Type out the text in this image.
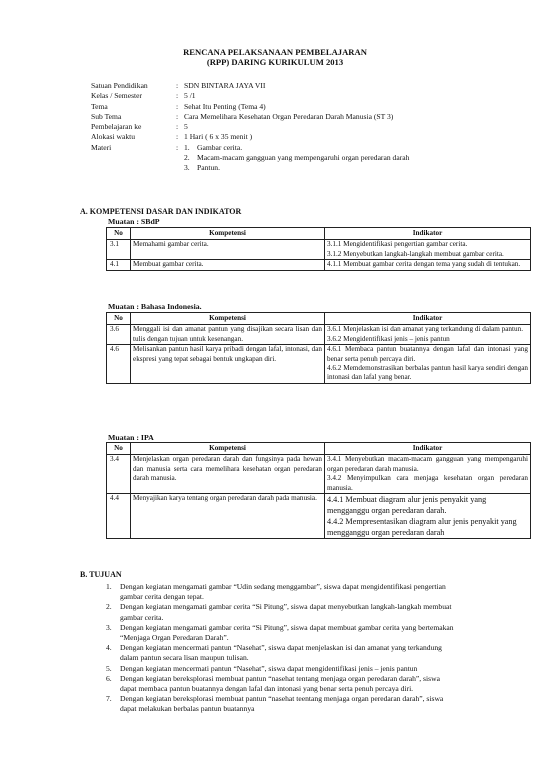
RENCANA PELAKSANAAN PEMBELAJARAN
(RPP) DARING KURIKULUM 2013
Satuan Pendidikan	: SDN BINTARA JAYA VII
Kelas / Semester	: 5 /1
Tema	: Sehat Itu Penting (Tema 4)
Sub Tema	: Cara Memelihara Kesehatan Organ Peredaran Darah Manusia (ST 3)
Pembelajaran ke	: 5
Alokasi waktu	: 1 Hari ( 6 x 35 menit )
Materi	: 1. Gambar cerita.
2. Macam-macam gangguan yang mempengaruhi organ peredaran darah
3. Pantun.
A. KOMPETENSI DASAR DAN INDIKATOR
Muatan : SBdP
No	Kompetensi	Indikator
3.1	Memahami gambar cerita.	3.1.1 Mengidentifikasi pengertian gambar cerita.
3.1.2 Menyebutkan langkah-langkah membuat gambar cerita.

4.1	Membuat gambar cerita.	4.1.1 Membuat gambar cerita dengan tema yang sudah di tentukan.
Muatan : Bahasa Indonesia.
No	Kompetensi	Indikator
3.6	Menggali isi dan amanat pantun yang disajikan secara lisan dan tulis dengan tujuan untuk kesenangan.	3.6.1 Menjelaskan isi dan amanat yang terkandung di dalam pantun.
3.6.2 Mengidentifikasi jenis – jenis pantun

4.6	Melisankan pantun hasil karya pribadi dengan lafal, intonasi, dan ekspresi yang tepat sebagai bentuk ungkapan diri.	4.6.1 Membaca pantun buatannya dengan lafal dan intonasi yang benar serta penuh percaya diri.
4.6.2 Memdemonstrasikan berbalas pantun hasil karya sendiri dengan intonasi dan lafal yang benar.
Muatan : IPA
No	Kompetensi	Indikator
3.4	Menjelaskan organ peredaran darah dan fungsinya pada hewan dan manusia serta cara memelihara kesehatan organ peredaran darah manusia.	3.4.1 Menyebutkan macam-macam gangguan yang mempengaruhi organ peredaran darah manusia.
3.4.2 Menyimpulkan cara menjaga kesehatan organ peredaran manusia.

4.4	Menyajikan karya tentang organ peredaran darah pada manusia.	4.4.1 Membuat diagram alur jenis penyakit yang mengganggu organ peredaran darah.
4.4.2 Mempresentasikan diagram alur jenis penyakit yang mengganggu organ peredaran darah
B. TUJUAN
1.	Dengan kegiatan mengamati gambar “Udin sedang menggambar”, siswa dapat mengidentifikasi pengertian gambar cerita dengan tepat.
2.	Dengan kegiatan mengamati gambar cerita “Si Pitung”, siswa dapat menyebutkan langkah-langkah membuat gambar cerita.
3.	Dengan kegiatan mengamati gambar cerita “Si Pitung”, siswa dapat membuat gambar cerita yang bertemakan “Menjaga Organ Peredaran Darah”.
4.	Dengan kegiatan mencermati pantun “Nasehat”, siswa dapat menjelaskan isi dan amanat yang terkandung dalam pantun secara lisan maupun tulisan.
5.	Dengan kegiatan mencermati pantun “Nasehat”, siswa dapat mengidentifikasi jenis – jenis pantun
6.	Dengan kegiatan bereksplorasi membuat pantun “nasehat tentang menjaga organ peredaran darah”, siswa dapat membaca pantun buatannya dengan lafal dan intonasi yang benar serta penuh percaya diri.
7.	Dengan kegiatan bereksplorasi membuat pantun “nasehat teentang menjaga organ peredaran darah”, siswa dapat melakukan berbalas pantun buatannya
